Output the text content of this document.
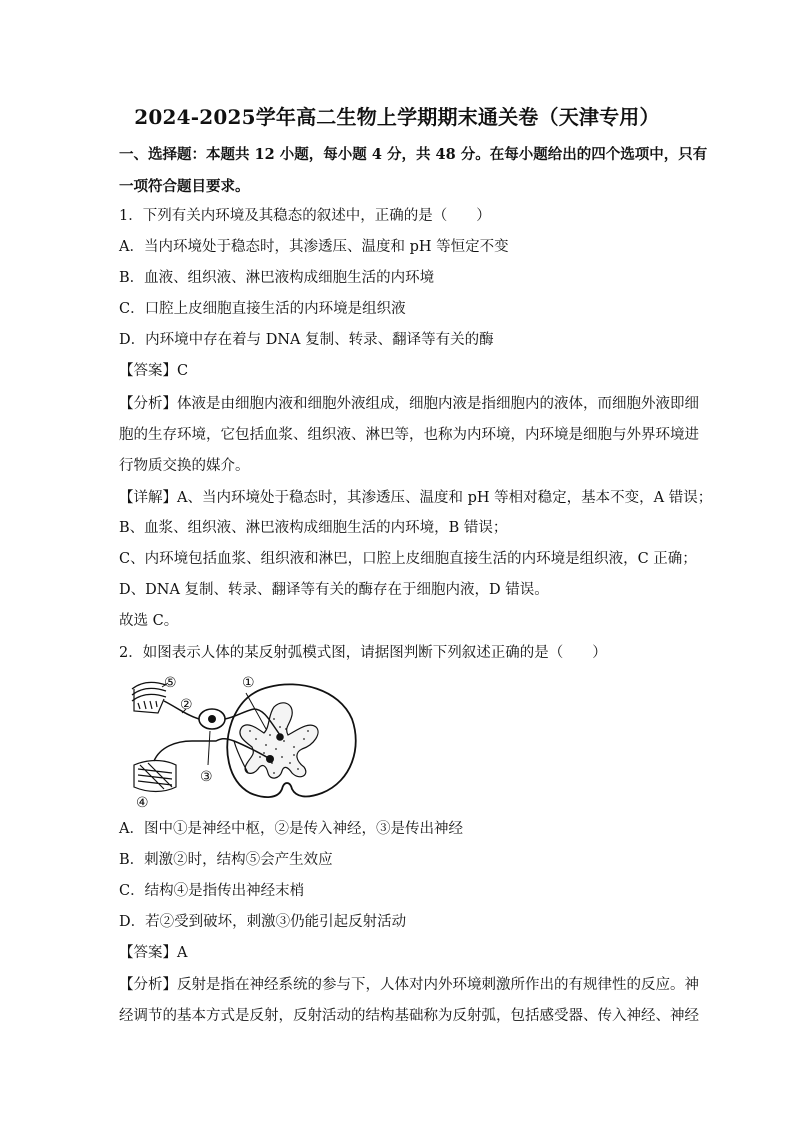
2024-2025学年高二生物上学期期末通关卷（天津专用）
一、选择题：本题共 12 小题，每小题 4 分，共 48 分。在每小题给出的四个选项中，只有
一项符合题目要求。
1．下列有关内环境及其稳态的叙述中，正确的是（　　）
A．当内环境处于稳态时，其渗透压、温度和 pH 等恒定不变
B．血液、组织液、淋巴液构成细胞生活的内环境
C．口腔上皮细胞直接生活的内环境是组织液
D．内环境中存在着与 DNA 复制、转录、翻译等有关的酶
【答案】C
【分析】体液是由细胞内液和细胞外液组成，细胞内液是指细胞内的液体，而细胞外液即细
胞的生存环境，它包括血浆、组织液、淋巴等，也称为内环境，内环境是细胞与外界环境进
行物质交换的媒介。
【详解】A、当内环境处于稳态时，其渗透压、温度和 pH 等相对稳定，基本不变，A 错误；
B、血浆、组织液、淋巴液构成细胞生活的内环境，B 错误；
C、内环境包括血浆、组织液和淋巴，口腔上皮细胞直接生活的内环境是组织液，C 正确；
D、DNA 复制、转录、翻译等有关的酶存在于细胞内液，D 错误。
故选 C。
2．如图表示人体的某反射弧模式图，请据图判断下列叙述正确的是（　　）
①
②
③
④
⑤
A．图中①是神经中枢，②是传入神经，③是传出神经
B．刺激②时，结构⑤会产生效应
C．结构④是指传出神经末梢
D．若②受到破坏，刺激③仍能引起反射活动
【答案】A
【分析】反射是指在神经系统的参与下，人体对内外环境刺激所作出的有规律性的反应。神
经调节的基本方式是反射，反射活动的结构基础称为反射弧，包括感受器、传入神经、神经
